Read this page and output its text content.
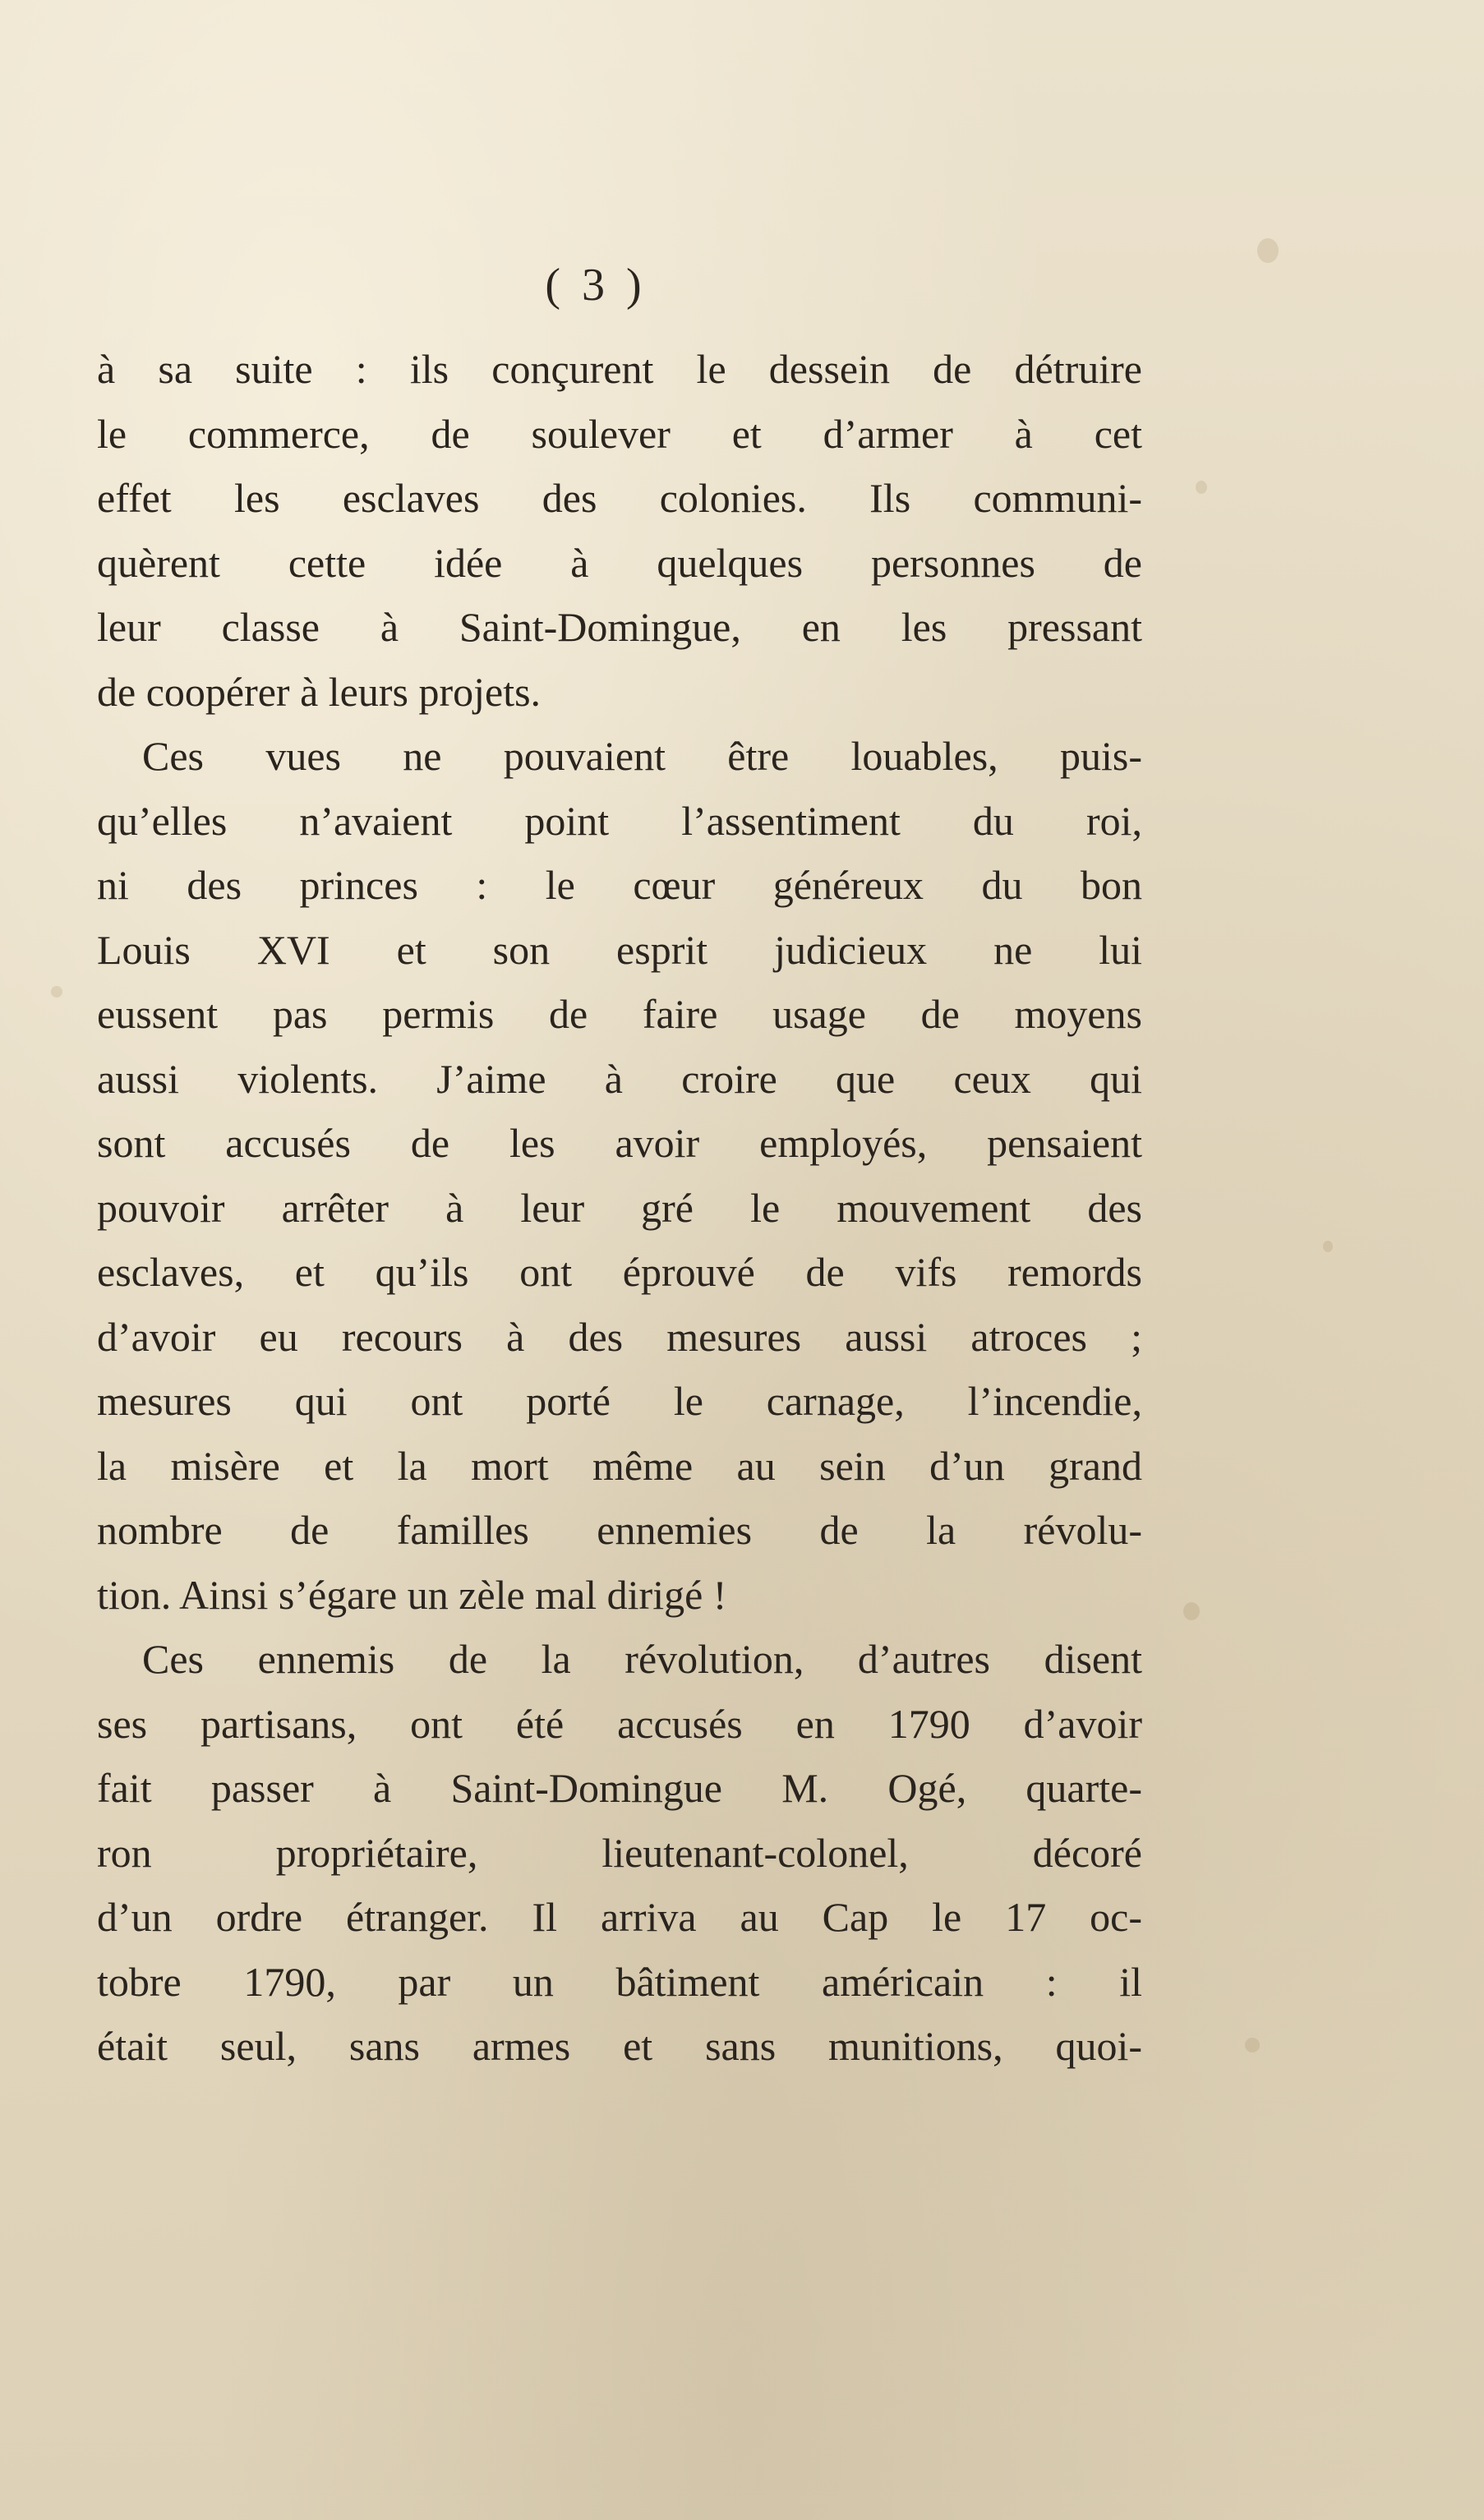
( 3 )
à sa suite : ils conçurent le dessein de détruire
le commerce, de soulever et d’armer à cet
effet les esclaves des colonies. Ils communi-
quèrent cette idée à quelques personnes de
leur classe à Saint-Domingue, en les pressant
de coopérer à leurs projets.
Ces vues ne pouvaient être louables, puis-
qu’elles n’avaient point l’assentiment du roi,
ni des princes : le cœur généreux du bon
Louis XVI et son esprit judicieux ne lui
eussent pas permis de faire usage de moyens
aussi violents. J’aime à croire que ceux qui
sont accusés de les avoir employés, pensaient
pouvoir arrêter à leur gré le mouvement des
esclaves, et qu’ils ont éprouvé de vifs remords
d’avoir eu recours à des mesures aussi atroces ;
mesures qui ont porté le carnage, l’incendie,
la misère et la mort même au sein d’un grand
nombre de familles ennemies de la révolu-
tion. Ainsi s’égare un zèle mal dirigé !
Ces ennemis de la révolution, d’autres disent
ses partisans, ont été accusés en 1790 d’avoir
fait passer à Saint-Domingue M. Ogé, quarte-
ron propriétaire, lieutenant-colonel, décoré
d’un ordre étranger. Il arriva au Cap le 17 oc-
tobre 1790, par un bâtiment américain : il
était seul, sans armes et sans munitions, quoi-
